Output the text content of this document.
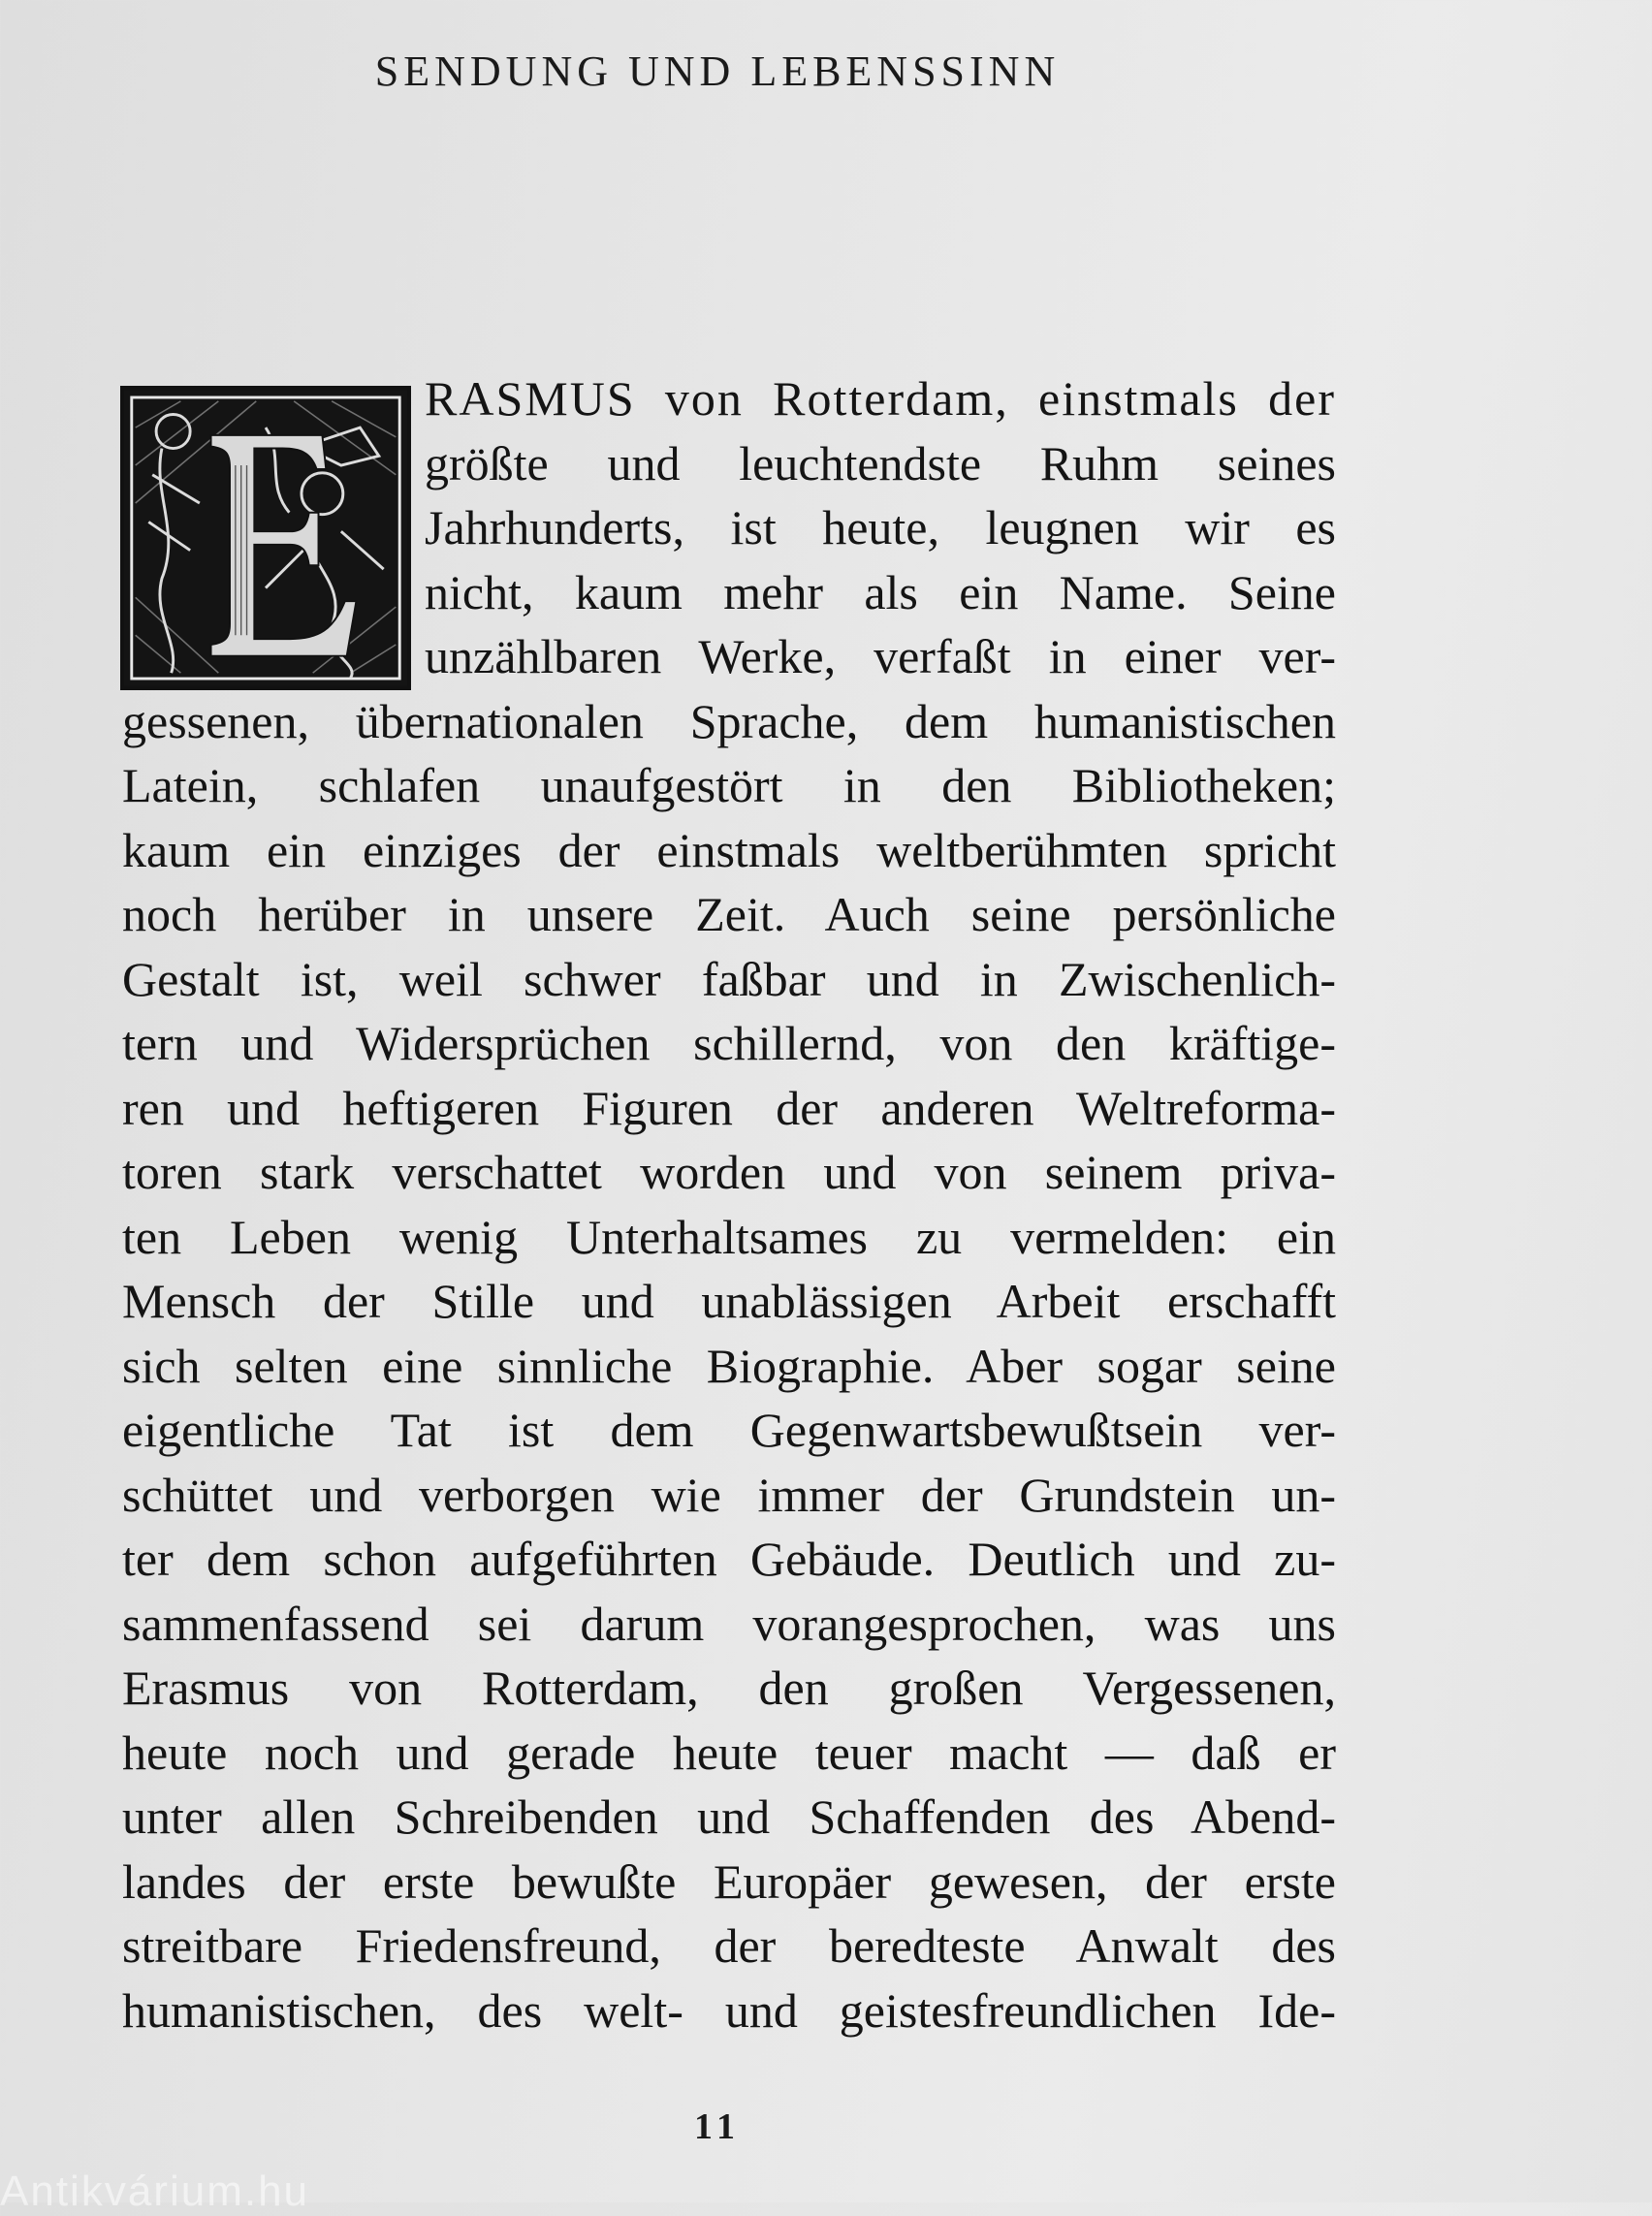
SENDUNG UND LEBENSSINN
RASMUS von Rotterdam, einstmals der
größte und leuchtendste Ruhm seines
Jahrhunderts, ist heute, leugnen wir es
nicht, kaum mehr als ein Name. Seine
unzählbaren Werke, verfaßt in einer ver-
gessenen, übernationalen Sprache, dem humanistischen
Latein, schlafen unaufgestört in den Bibliotheken;
kaum ein einziges der einstmals weltberühmten spricht
noch herüber in unsere Zeit. Auch seine persönliche
Gestalt ist, weil schwer faßbar und in Zwischenlich-
tern und Widersprüchen schillernd, von den kräftige-
ren und heftigeren Figuren der anderen Weltreforma-
toren stark verschattet worden und von seinem priva-
ten Leben wenig Unterhaltsames zu vermelden: ein
Mensch der Stille und unablässigen Arbeit erschafft
sich selten eine sinnliche Biographie. Aber sogar seine
eigentliche Tat ist dem Gegenwartsbewußtsein ver-
schüttet und verborgen wie immer der Grundstein un-
ter dem schon aufgeführten Gebäude. Deutlich und zu-
sammenfassend sei darum vorangesprochen, was uns
Erasmus von Rotterdam, den großen Vergessenen,
heute noch und gerade heute teuer macht — daß er
unter allen Schreibenden und Schaffenden des Abend-
landes der erste bewußte Europäer gewesen, der erste
streitbare Friedensfreund, der beredteste Anwalt des
humanistischen, des welt- und geistesfreundlichen Ide-
11
Antikvárium.hu
